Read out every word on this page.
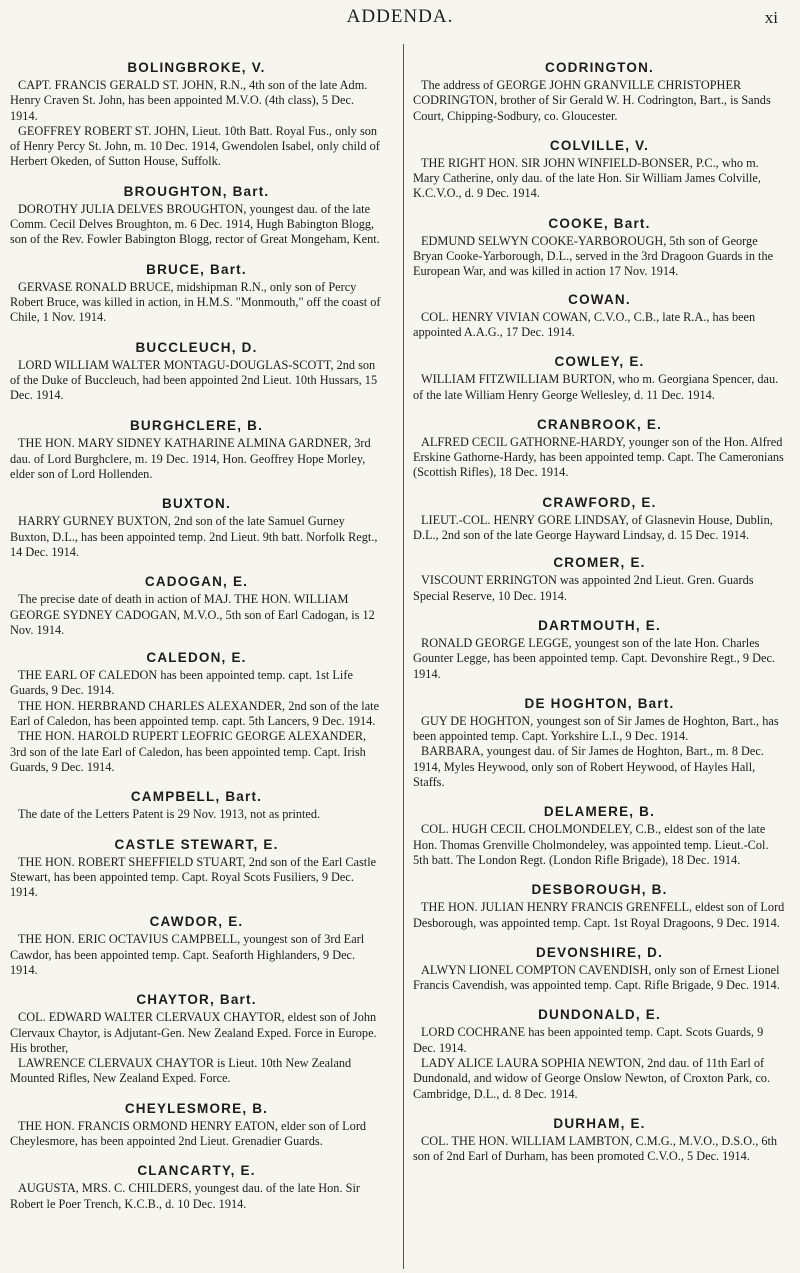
ADDENDA.	xi
BOLINGBROKE, V.

CAPT. FRANCIS GERALD ST. JOHN, R.N., 4th son of the late Adm. Henry Craven St. John, has been appointed M.V.O. (4th class), 5 Dec. 1914.

GEOFFREY ROBERT ST. JOHN, Lieut. 10th Batt. Royal Fus., only son of Henry Percy St. John, m. 10 Dec. 1914, Gwendolen Isabel, only child of Herbert Okeden, of Sutton House, Suffolk.

BROUGHTON, Bart.

DOROTHY JULIA DELVES BROUGHTON, youngest dau. of the late Comm. Cecil Delves Broughton, m. 6 Dec. 1914, Hugh Babington Blogg, son of the Rev. Fowler Babington Blogg, rector of Great Mongeham, Kent.

BRUCE, Bart.

GERVASE RONALD BRUCE, midshipman R.N., only son of Percy Robert Bruce, was killed in action, in H.M.S. "Monmouth," off the coast of Chile, 1 Nov. 1914.

BUCCLEUCH, D.

LORD WILLIAM WALTER MONTAGU-DOUGLAS-SCOTT, 2nd son of the Duke of Buccleuch, had been appointed 2nd Lieut. 10th Hussars, 15 Dec. 1914.

BURGHCLERE, B.

THE HON. MARY SIDNEY KATHARINE ALMINA GARDNER, 3rd dau. of Lord Burghclere, m. 19 Dec. 1914, Hon. Geoffrey Hope Morley, elder son of Lord Hollenden.

BUXTON.

HARRY GURNEY BUXTON, 2nd son of the late Samuel Gurney Buxton, D.L., has been appointed temp. 2nd Lieut. 9th batt. Norfolk Regt., 14 Dec. 1914.

CADOGAN, E.

The precise date of death in action of MAJ. THE HON. WILLIAM GEORGE SYDNEY CADOGAN, M.V.O., 5th son of Earl Cadogan, is 12 Nov. 1914.

CALEDON, E.

THE EARL OF CALEDON has been appointed temp. capt. 1st Life Guards, 9 Dec. 1914.

THE HON. HERBRAND CHARLES ALEXANDER, 2nd son of the late Earl of Caledon, has been appointed temp. capt. 5th Lancers, 9 Dec. 1914.

THE HON. HAROLD RUPERT LEOFRIC GEORGE ALEXANDER, 3rd son of the late Earl of Caledon, has been appointed temp. Capt. Irish Guards, 9 Dec. 1914.

CAMPBELL, Bart.

The date of the Letters Patent is 29 Nov. 1913, not as printed.

CASTLE STEWART, E.

THE HON. ROBERT SHEFFIELD STUART, 2nd son of the Earl Castle Stewart, has been appointed temp. Capt. Royal Scots Fusiliers, 9 Dec. 1914.

CAWDOR, E.

THE HON. ERIC OCTAVIUS CAMPBELL, youngest son of 3rd Earl Cawdor, has been appointed temp. Capt. Seaforth Highlanders, 9 Dec. 1914.

CHAYTOR, Bart.

COL. EDWARD WALTER CLERVAUX CHAYTOR, eldest son of John Clervaux Chaytor, is Adjutant-Gen. New Zealand Exped. Force in Europe. His brother,

LAWRENCE CLERVAUX CHAYTOR is Lieut. 10th New Zealand Mounted Rifles, New Zealand Exped. Force.

CHEYLESMORE, B.

THE HON. FRANCIS ORMOND HENRY EATON, elder son of Lord Cheylesmore, has been appointed 2nd Lieut. Grenadier Guards.

CLANCARTY, E.

AUGUSTA, MRS. C. CHILDERS, youngest dau. of the late Hon. Sir Robert le Poer Trench, K.C.B., d. 10 Dec. 1914.

CODRINGTON.

The address of GEORGE JOHN GRANVILLE CHRISTOPHER CODRINGTON, brother of Sir Gerald W. H. Codrington, Bart., is Sands Court, Chipping-Sodbury, co. Gloucester.

COLVILLE, V.

THE RIGHT HON. SIR JOHN WINFIELD-BONSER, P.C., who m. Mary Catherine, only dau. of the late Hon. Sir William James Colville, K.C.V.O., d. 9 Dec. 1914.

COOKE, Bart.

EDMUND SELWYN COOKE-YARBOROUGH, 5th son of George Bryan Cooke-Yarborough, D.L., served in the 3rd Dragoon Guards in the European War, and was killed in action 17 Nov. 1914.

COWAN.

COL. HENRY VIVIAN COWAN, C.V.O., C.B., late R.A., has been appointed A.A.G., 17 Dec. 1914.

COWLEY, E.

WILLIAM FITZWILLIAM BURTON, who m. Georgiana Spencer, dau. of the late William Henry George Wellesley, d. 11 Dec. 1914.

CRANBROOK, E.

ALFRED CECIL GATHORNE-HARDY, younger son of the Hon. Alfred Erskine Gathorne-Hardy, has been appointed temp. Capt. The Cameronians (Scottish Rifles), 18 Dec. 1914.

CRAWFORD, E.

LIEUT.-COL. HENRY GORE LINDSAY, of Glasnevin House, Dublin, D.L., 2nd son of the late George Hayward Lindsay, d. 15 Dec. 1914.

CROMER, E.

VISCOUNT ERRINGTON was appointed 2nd Lieut. Gren. Guards Special Reserve, 10 Dec. 1914.

DARTMOUTH, E.

RONALD GEORGE LEGGE, youngest son of the late Hon. Charles Gounter Legge, has been appointed temp. Capt. Devonshire Regt., 9 Dec. 1914.

DE HOGHTON, Bart.

GUY DE HOGHTON, youngest son of Sir James de Hoghton, Bart., has been appointed temp. Capt. Yorkshire L.I., 9 Dec. 1914.

BARBARA, youngest dau. of Sir James de Hoghton, Bart., m. 8 Dec. 1914, Myles Heywood, only son of Robert Heywood, of Hayles Hall, Staffs.

DELAMERE, B.

COL. HUGH CECIL CHOLMONDELEY, C.B., eldest son of the late Hon. Thomas Grenville Cholmondeley, was appointed temp. Lieut.-Col. 5th batt. The London Regt. (London Rifle Brigade), 18 Dec. 1914.

DESBOROUGH, B.

THE HON. JULIAN HENRY FRANCIS GRENFELL, eldest son of Lord Desborough, was appointed temp. Capt. 1st Royal Dragoons, 9 Dec. 1914.

DEVONSHIRE, D.

ALWYN LIONEL COMPTON CAVENDISH, only son of Ernest Lionel Francis Cavendish, was appointed temp. Capt. Rifle Brigade, 9 Dec. 1914.

DUNDONALD, E.

LORD COCHRANE has been appointed temp. Capt. Scots Guards, 9 Dec. 1914.

LADY ALICE LAURA SOPHIA NEWTON, 2nd dau. of 11th Earl of Dundonald, and widow of George Onslow Newton, of Croxton Park, co. Cambridge, D.L., d. 8 Dec. 1914.

DURHAM, E.

COL. THE HON. WILLIAM LAMBTON, C.M.G., M.V.O., D.S.O., 6th son of 2nd Earl of Durham, has been promoted C.V.O., 5 Dec. 1914.
